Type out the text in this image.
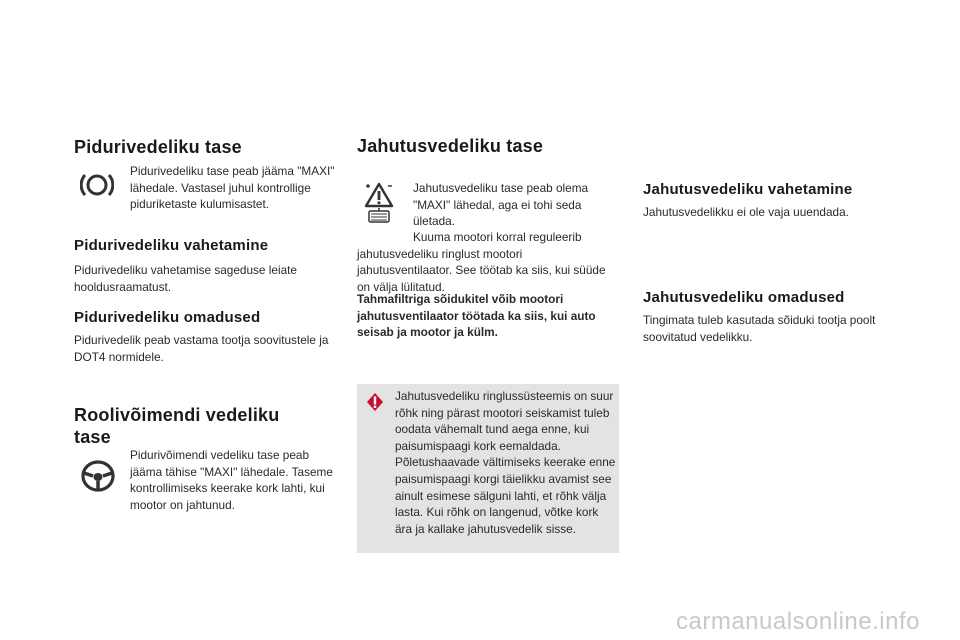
Pidurivedeliku tase
Pidurivedeliku tase peab jääma "MAXI" lähedale. Vastasel juhul kontrollige piduriketaste kulumisastet.
Pidurivedeliku vahetamine
Pidurivedeliku vahetamise sageduse leiate hooldusraamatust.
Pidurivedeliku omadused
Pidurivedelik peab vastama tootja soovitustele ja DOT4 normidele.
Roolivõimendi vedeliku
tase
Pidurivõimendi vedeliku tase peab jääma tähise "MAXI" lähedale. Taseme kontrollimiseks keerake kork lahti, kui mootor on jahtunud.
Jahutusvedeliku tase
Jahutusvedeliku tase peab olema "MAXI" lähedal, aga ei tohi seda ületada.
Kuuma mootori korral reguleerib jahutusvedeliku ringlust mootori jahutusventilaator. See töötab ka siis, kui süüde on välja lülitatud.
Tahmafiltriga sõidukitel võib mootori jahutusventilaator töötada ka siis, kui auto seisab ja mootor ja külm.
Jahutusvedeliku ringlussüsteemis on suur rõhk ning pärast mootori seiskamist tuleb oodata vähemalt tund aega enne, kui paisumispaagi kork eemaldada. Põletushaavade vältimiseks keerake enne paisumispaagi korgi täielikku avamist see ainult esimese sälguni lahti, et rõhk välja lasta. Kui rõhk on langenud, võtke kork ära ja kallake jahutusvedelik sisse.
Jahutusvedeliku vahetamine
Jahutusvedelikku ei ole vaja uuendada.
Jahutusvedeliku omadused
Tingimata tuleb kasutada sõiduki tootja poolt soovitatud vedelikku.
carmanualsonline.info
